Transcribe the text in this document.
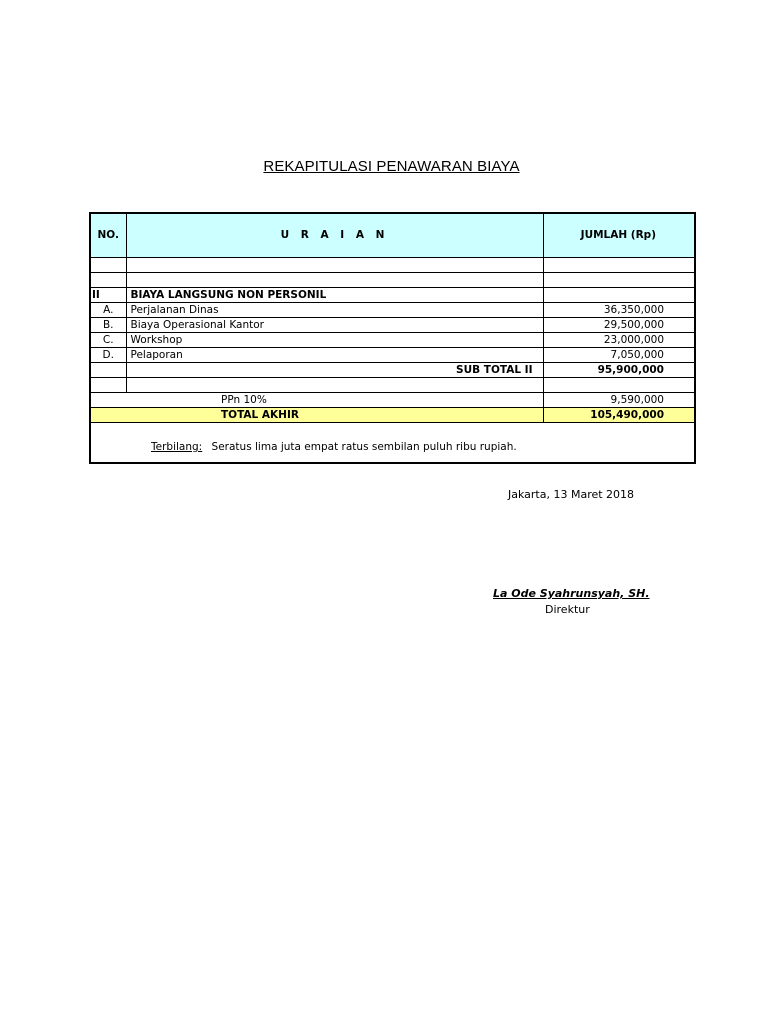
REKAPITULASI PENAWARAN BIAYA
NO.	U R A I A N	JUMLAH (Rp)

II	BIAYA LANGSUNG NON PERSONIL	
A.	Perjalanan Dinas	36,350,000
B.	Biaya Operasional Kantor	29,500,000
C.	Workshop	23,000,000
D.	Pelaporan	7,050,000
	SUB TOTAL II	95,900,000

PPn 10%		9,590,000
TOTAL AKHIR		105,490,000
Terbilang: Seratus lima juta empat ratus sembilan puluh ribu rupiah.
Jakarta, 13 Maret 2018
La Ode Syahrunsyah, SH.
Direktur
